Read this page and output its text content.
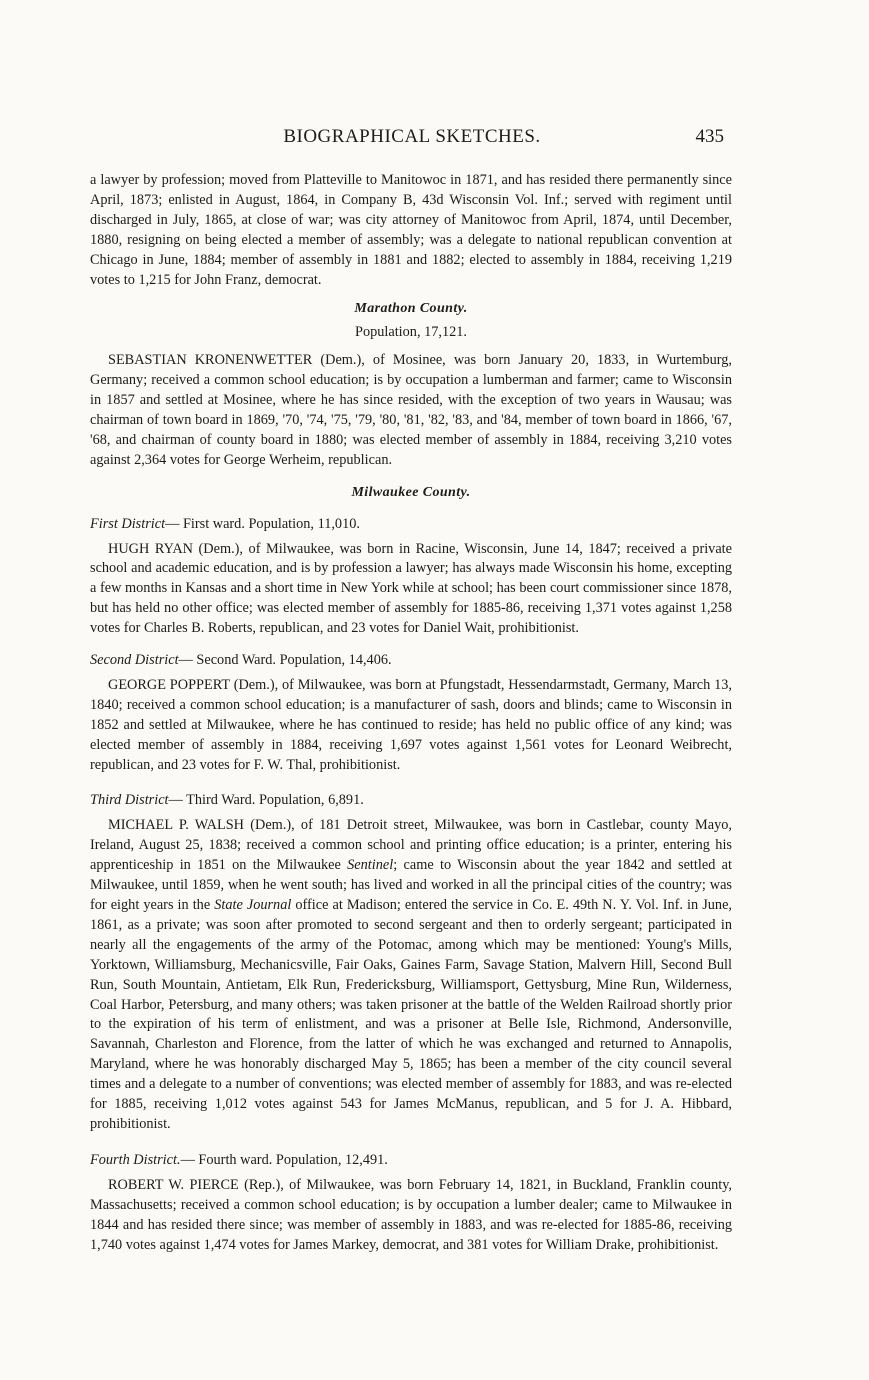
BIOGRAPHICAL SKETCHES.	435

a lawyer by profession; moved from Platteville to Manitowoc in 1871, and has resided there permanently since April, 1873; enlisted in August, 1864, in Company B, 43d Wisconsin Vol. Inf.; served with regiment until discharged in July, 1865, at close of war; was city attorney of Manitowoc from April, 1874, until December, 1880, resigning on being elected a member of assembly; was a delegate to national republican convention at Chicago in June, 1884; member of assembly in 1881 and 1882; elected to assembly in 1884, receiving 1,219 votes to 1,215 for John Franz, democrat.

Marathon County.
Population, 17,121.

SEBASTIAN KRONENWETTER (Dem.), of Mosinee, was born January 20, 1833, in Wurtemburg, Germany; received a common school education; is by occupation a lumberman and farmer; came to Wisconsin in 1857 and settled at Mosinee, where he has since resided, with the exception of two years in Wausau; was chairman of town board in 1869, '70, '74, '75, '79, '80, '81, '82, '83, and '84, member of town board in 1866, '67, '68, and chairman of county board in 1880; was elected member of assembly in 1884, receiving 3,210 votes against 2,364 votes for George Werheim, republican.

Milwaukee County.
First District— First ward. Population, 11,010.

HUGH RYAN (Dem.), of Milwaukee, was born in Racine, Wisconsin, June 14, 1847; received a private school and academic education, and is by profession a lawyer; has always made Wisconsin his home, excepting a few months in Kansas and a short time in New York while at school; has been court commissioner since 1878, but has held no other office; was elected member of assembly for 1885-86, receiving 1,371 votes against 1,258 votes for Charles B. Roberts, republican, and 23 votes for Daniel Wait, prohibitionist.

Second District— Second Ward. Population, 14,406.

GEORGE POPPERT (Dem.), of Milwaukee, was born at Pfungstadt, Hessendarmstadt, Germany, March 13, 1840; received a common school education; is a manufacturer of sash, doors and blinds; came to Wisconsin in 1852 and settled at Milwaukee, where he has continued to reside; has held no public office of any kind; was elected member of assembly in 1884, receiving 1,697 votes against 1,561 votes for Leonard Weibrecht, republican, and 23 votes for F. W. Thal, prohibitionist.

Third District— Third Ward. Population, 6,891.

MICHAEL P. WALSH (Dem.), of 181 Detroit street, Milwaukee, was born in Castlebar, county Mayo, Ireland, August 25, 1838; received a common school and printing office education; is a printer, entering his apprenticeship in 1851 on the Milwaukee Sentinel; came to Wisconsin about the year 1842 and settled at Milwaukee, until 1859, when he went south; has lived and worked in all the principal cities of the country; was for eight years in the State Journal office at Madison; entered the service in Co. E. 49th N. Y. Vol. Inf. in June, 1861, as a private; was soon after promoted to second sergeant and then to orderly sergeant; participated in nearly all the engagements of the army of the Potomac, among which may be mentioned: Young's Mills, Yorktown, Williamsburg, Mechanicsville, Fair Oaks, Gaines Farm, Savage Station, Malvern Hill, Second Bull Run, South Mountain, Antietam, Elk Run, Fredericksburg, Williamsport, Gettysburg, Mine Run, Wilderness, Coal Harbor, Petersburg, and many others; was taken prisoner at the battle of the Welden Railroad shortly prior to the expiration of his term of enlistment, and was a prisoner at Belle Isle, Richmond, Andersonville, Savannah, Charleston and Florence, from the latter of which he was exchanged and returned to Annapolis, Maryland, where he was honorably discharged May 5, 1865; has been a member of the city council several times and a delegate to a number of conventions; was elected member of assembly for 1883, and was re-elected for 1885, receiving 1,012 votes against 543 for James McManus, republican, and 5 for J. A. Hibbard, prohibitionist.

Fourth District.— Fourth ward. Population, 12,491.

ROBERT W. PIERCE (Rep.), of Milwaukee, was born February 14, 1821, in Buckland, Franklin county, Massachusetts; received a common school education; is by occupation a lumber dealer; came to Milwaukee in 1844 and has resided there since; was member of assembly in 1883, and was re-elected for 1885-86, receiving 1,740 votes against 1,474 votes for James Markey, democrat, and 381 votes for William Drake, prohibitionist.
